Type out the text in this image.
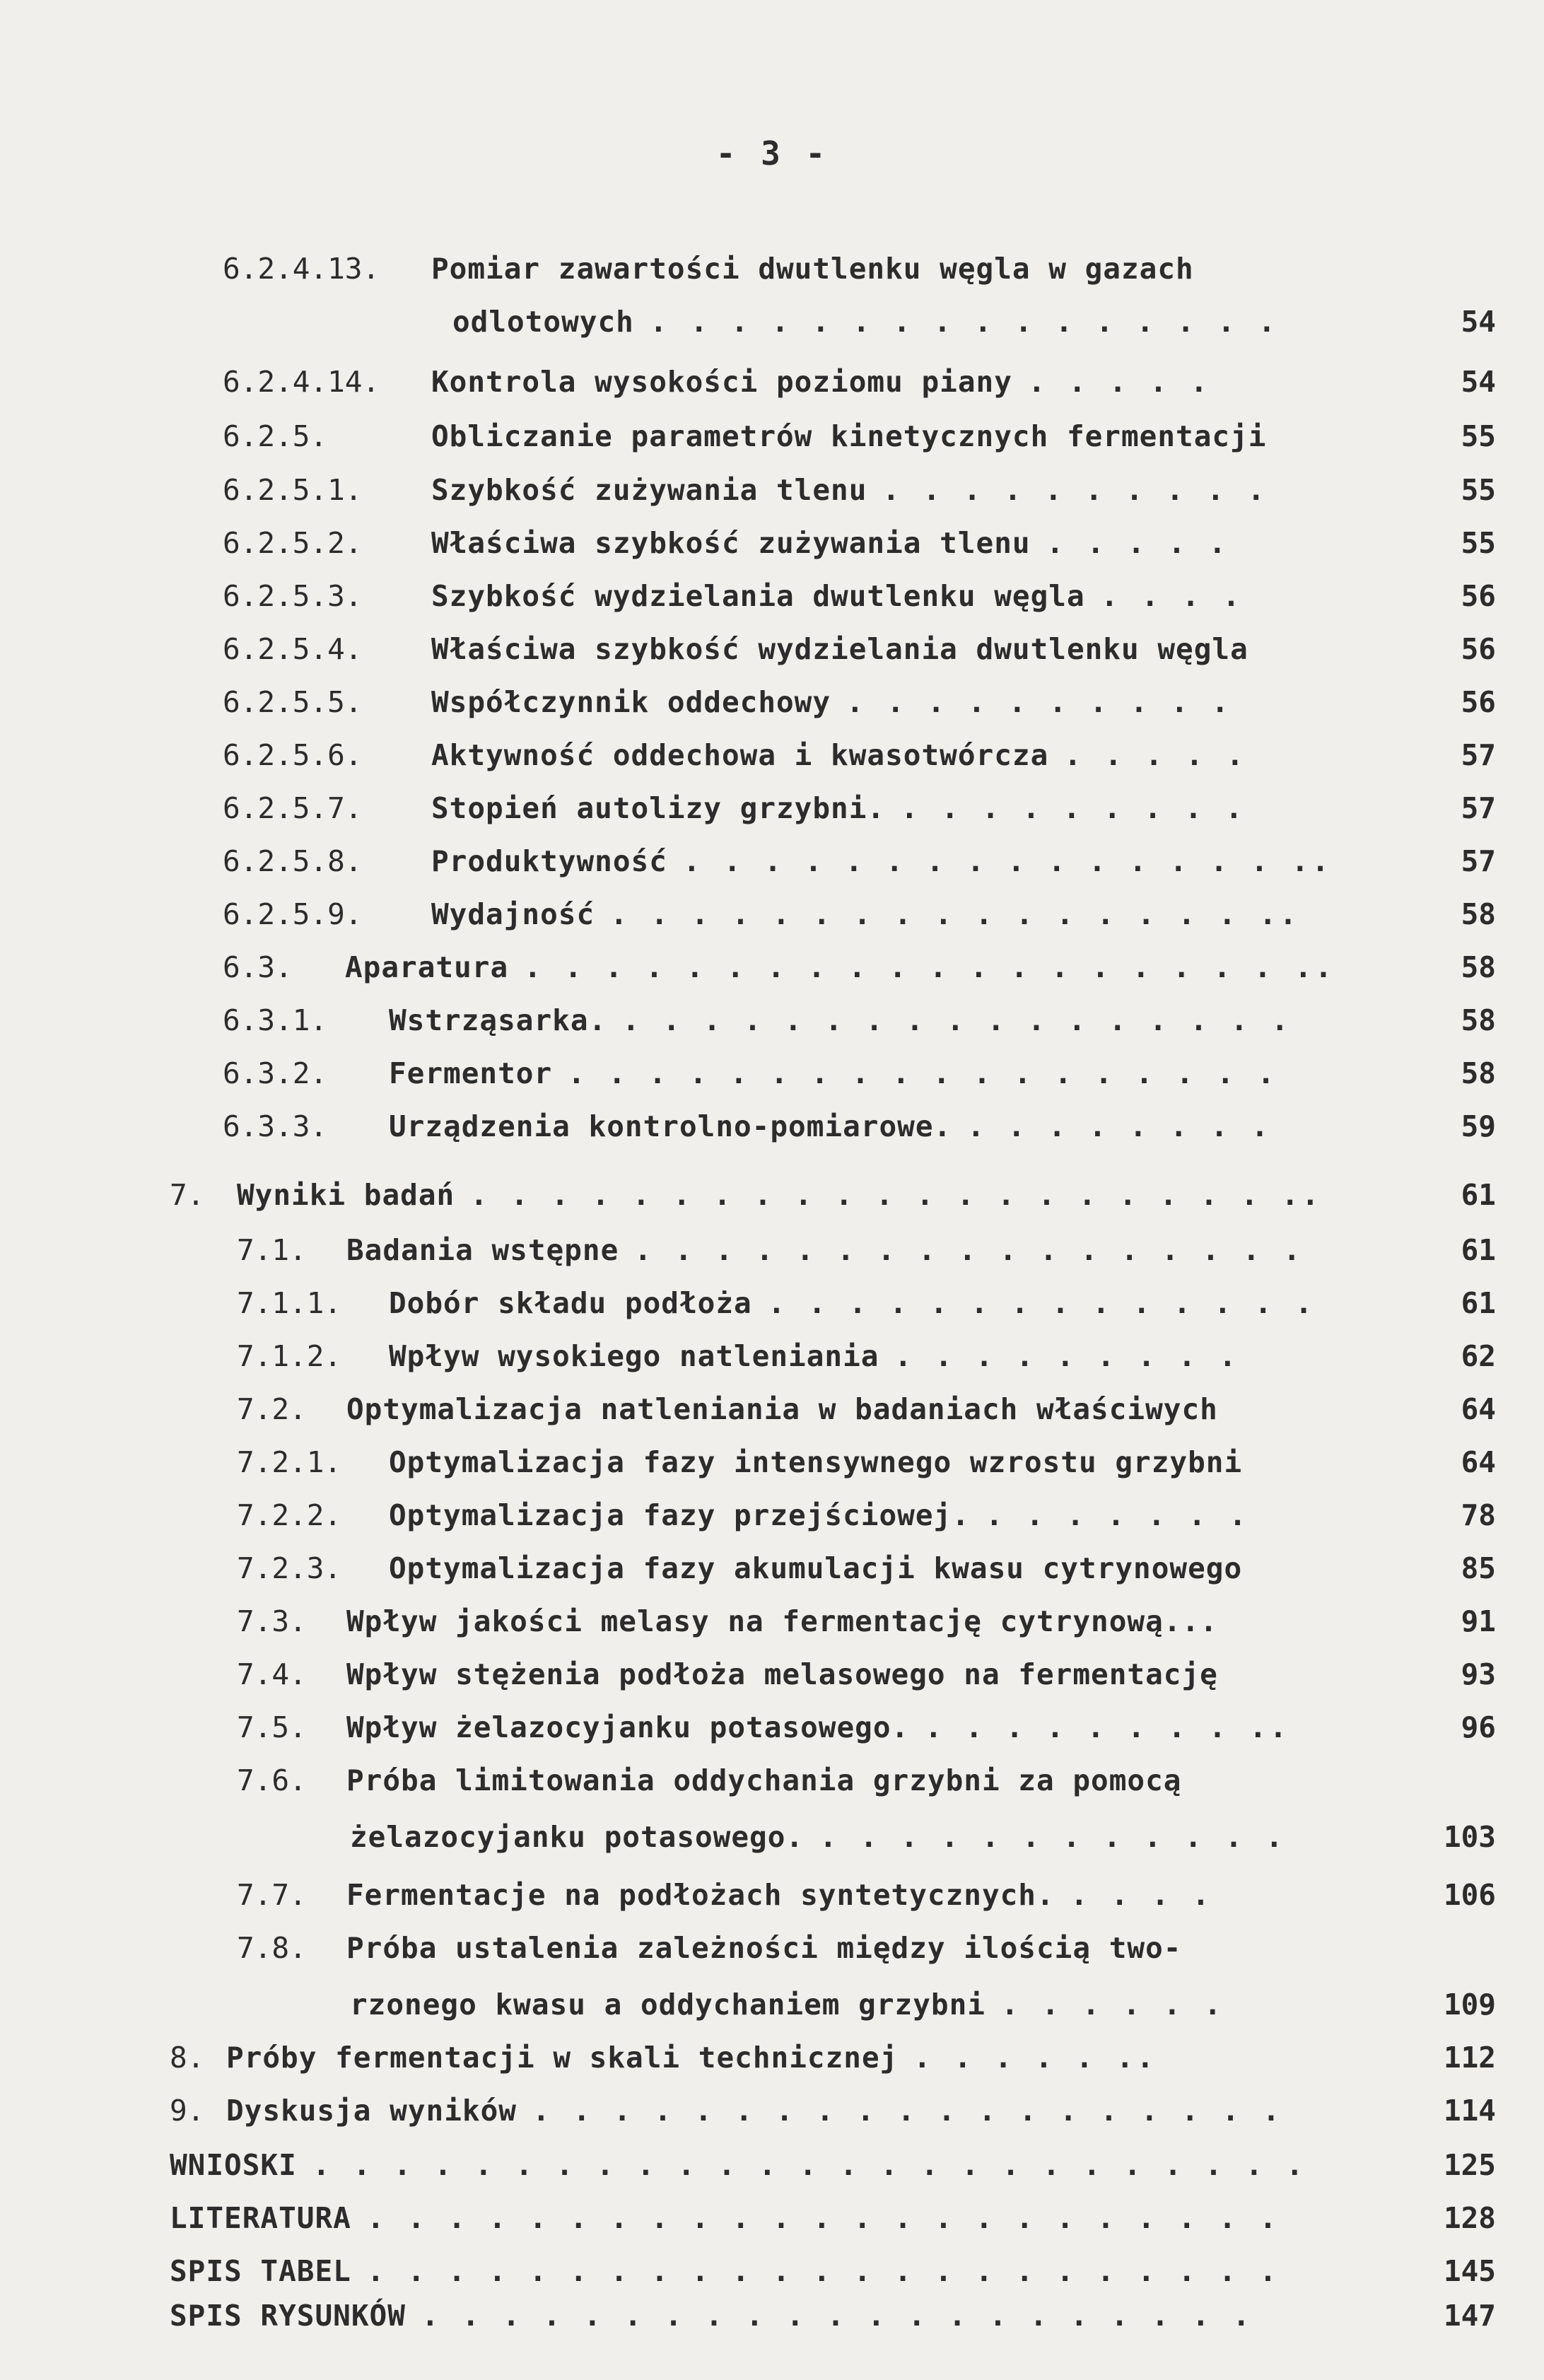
- 3 -
6.2.4.13. Pomiar zawartości dwutlenku węgla w gazach
odlotowych . . . . . . . . . . . . . . . .	54
6.2.4.14. Kontrola wysokości poziomu piany . . . . .	54
6.2.5.	Obliczanie parametrów kinetycznych fermentacji	55
6.2.5.1. Szybkość zużywania tlenu . . . . . . . . . .	55
6.2.5.2. Właściwa szybkość zużywania tlenu . . . . .	55
6.2.5.3. Szybkość wydzielania dwutlenku węgla . . . .	56
6.2.5.4. Właściwa szybkość wydzielania dwutlenku węgla	56
6.2.5.5. Współczynnik oddechowy . . . . . . . . . .	56
6.2.5.6. Aktywność oddechowa i kwasotwórcza . . . . .	57
6.2.5.7. Stopień autolizy grzybni. . . . . . . . . .	57
6.2.5.8. Produktywność . . . . . . . . . . . . . . . ..	57
6.2.5.9. Wydajność . . . . . . . . . . . . . . . . ..	58
6.3. Aparatura . . . . . . . . . . . . . . . . . . . ..	58
6.3.1. Wstrząsarka. . . . . . . . . . . . . . . . . .	58
6.3.2. Fermentor . . . . . . . . . . . . . . . . . .	58
6.3.3. Urządzenia kontrolno-pomiarowe. . . . . . . . .	59
7. Wyniki badań . . . . . . . . . . . . . . . . . . . . ..	61
7.1. Badania wstępne . . . . . . . . . . . . . . . . .	61
7.1.1. Dobór składu podłoża . . . . . . . . . . . . . .	61
7.1.2. Wpływ wysokiego natleniania . . . . . . . . .	62
7.2. Optymalizacja natleniania w badaniach właściwych	64
7.2.1. Optymalizacja fazy intensywnego wzrostu grzybni	64
7.2.2. Optymalizacja fazy przejściowej. . . . . . . .	78
7.2.3. Optymalizacja fazy akumulacji kwasu cytrynowego	85
7.3. Wpływ jakości melasy na fermentację cytrynową...	91
7.4. Wpływ stężenia podłoża melasowego na fermentację	93
7.5. Wpływ żelazocyjanku potasowego. . . . . . . . . ..	96
7.6. Próba limitowania oddychania grzybni za pomocą
żelazocyjanku potasowego. . . . . . . . . . . . .	103
7.7. Fermentacje na podłożach syntetycznych. . . . .	106
7.8. Próba ustalenia zależności między ilością two-
rzonego kwasu a oddychaniem grzybni . . . . . .	109
8. Próby fermentacji w skali technicznej . . . . . ..	112
9. Dyskusja wyników . . . . . . . . . . . . . . . . . . .	114
WNIOSKI . . . . . . . . . . . . . . . . . . . . . . . . .	125
LITERATURA . . . . . . . . . . . . . . . . . . . . . . .	128
SPIS TABEL . . . . . . . . . . . . . . . . . . . . . . .	145
SPIS RYSUNKÓW . . . . . . . . . . . . . . . . . . . . .	147
